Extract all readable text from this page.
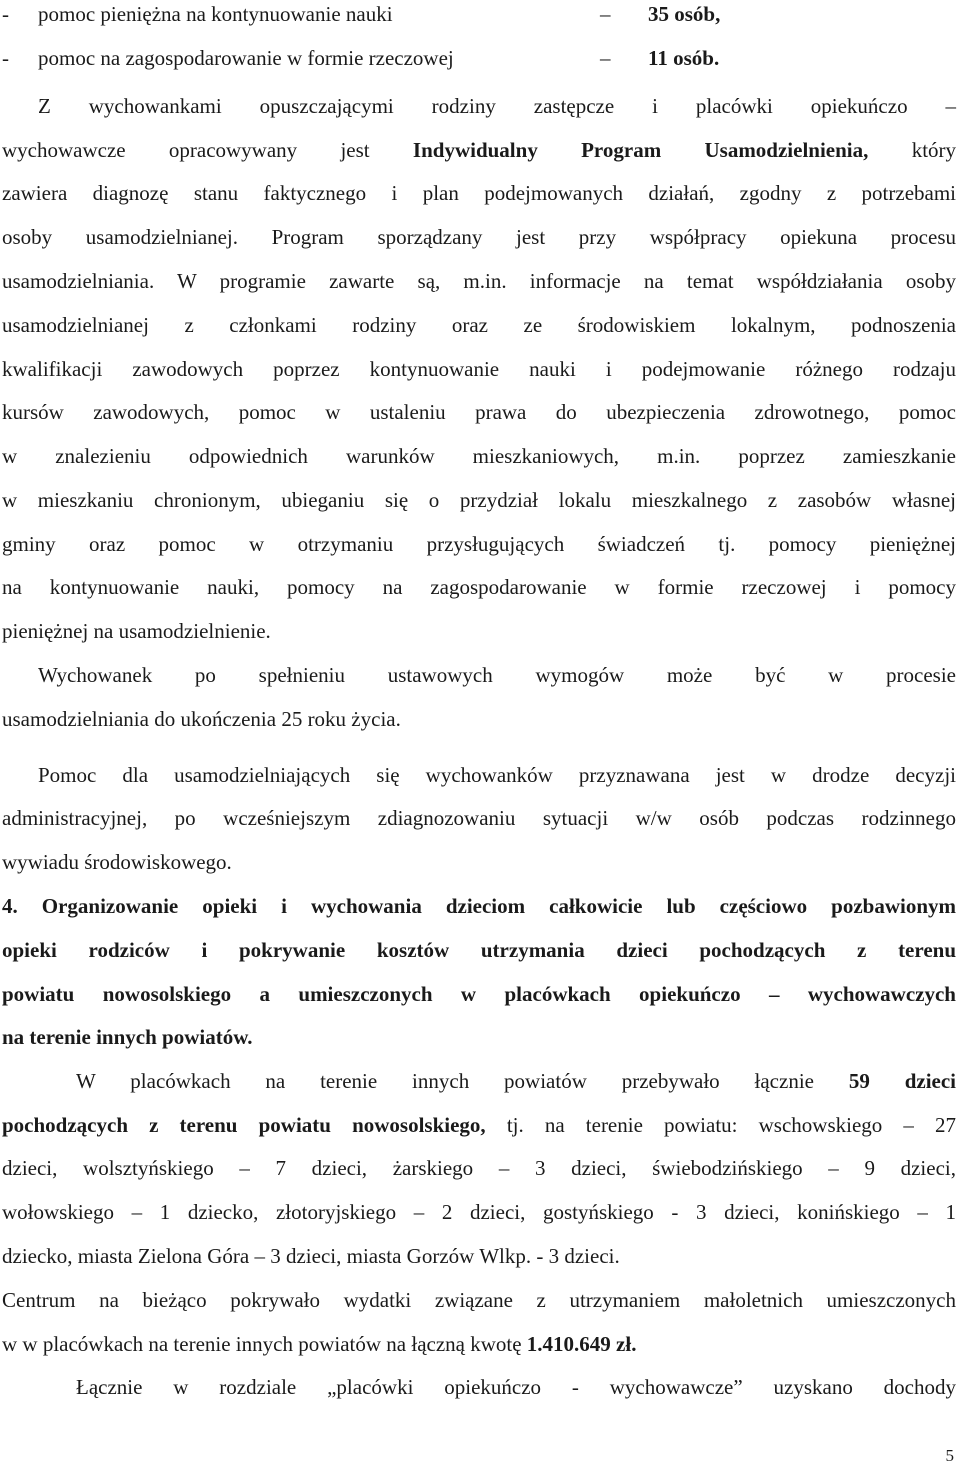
- pomoc pieniężna na kontynuowanie nauki	– 35 osób,
- pomoc na zagospodarowanie w formie rzeczowej	– 11 osób.
Z wychowankami opuszczającymi rodziny zastępcze i placówki opiekuńczo –
wychowawcze opracowywany jest Indywidualny Program Usamodzielnienia, który
zawiera diagnozę stanu faktycznego i plan podejmowanych działań, zgodny z potrzebami
osoby usamodzielnianej. Program sporządzany jest przy współpracy opiekuna procesu
usamodzielniania. W programie zawarte są, m.in. informacje na temat współdziałania osoby
usamodzielnianej z członkami rodziny oraz ze środowiskiem lokalnym, podnoszenia
kwalifikacji zawodowych poprzez kontynuowanie nauki i podejmowanie różnego rodzaju
kursów zawodowych, pomoc w ustaleniu prawa do ubezpieczenia zdrowotnego, pomoc
w znalezieniu odpowiednich warunków mieszkaniowych, m.in. poprzez zamieszkanie
w mieszkaniu chronionym, ubieganiu się o przydział lokalu mieszkalnego z zasobów własnej
gminy oraz pomoc w otrzymaniu przysługujących świadczeń tj. pomocy pieniężnej
na kontynuowanie nauki, pomocy na zagospodarowanie w formie rzeczowej i pomocy
pieniężnej na usamodzielnienie.
Wychowanek po spełnieniu ustawowych wymogów może być w procesie
usamodzielniania do ukończenia 25 roku życia.
Pomoc dla usamodzielniających się wychowanków przyznawana jest w drodze decyzji
administracyjnej, po wcześniejszym zdiagnozowaniu sytuacji w/w osób podczas rodzinnego
wywiadu środowiskowego.
4. Organizowanie opieki i wychowania dzieciom całkowicie lub częściowo pozbawionym
opieki rodziców i pokrywanie kosztów utrzymania dzieci pochodzących z terenu
powiatu nowosolskiego a umieszczonych w placówkach opiekuńczo – wychowawczych
na terenie innych powiatów.
W placówkach na terenie innych powiatów przebywało łącznie 59 dzieci
pochodzących z terenu powiatu nowosolskiego, tj. na terenie powiatu: wschowskiego – 27
dzieci, wolsztyńskiego – 7 dzieci, żarskiego – 3 dzieci, świebodzińskiego – 9 dzieci,
wołowskiego – 1 dziecko, złotoryjskiego – 2 dzieci, gostyńskiego - 3 dzieci, konińskiego – 1
dziecko, miasta Zielona Góra – 3 dzieci, miasta Gorzów Wlkp. - 3 dzieci.
Centrum na bieżąco pokrywało wydatki związane z utrzymaniem małoletnich umieszczonych
w w placówkach na terenie innych powiatów na łączną kwotę 1.410.649 zł.
Łącznie w rozdziale „placówki opiekuńczo - wychowawcze” uzyskano dochody
5
